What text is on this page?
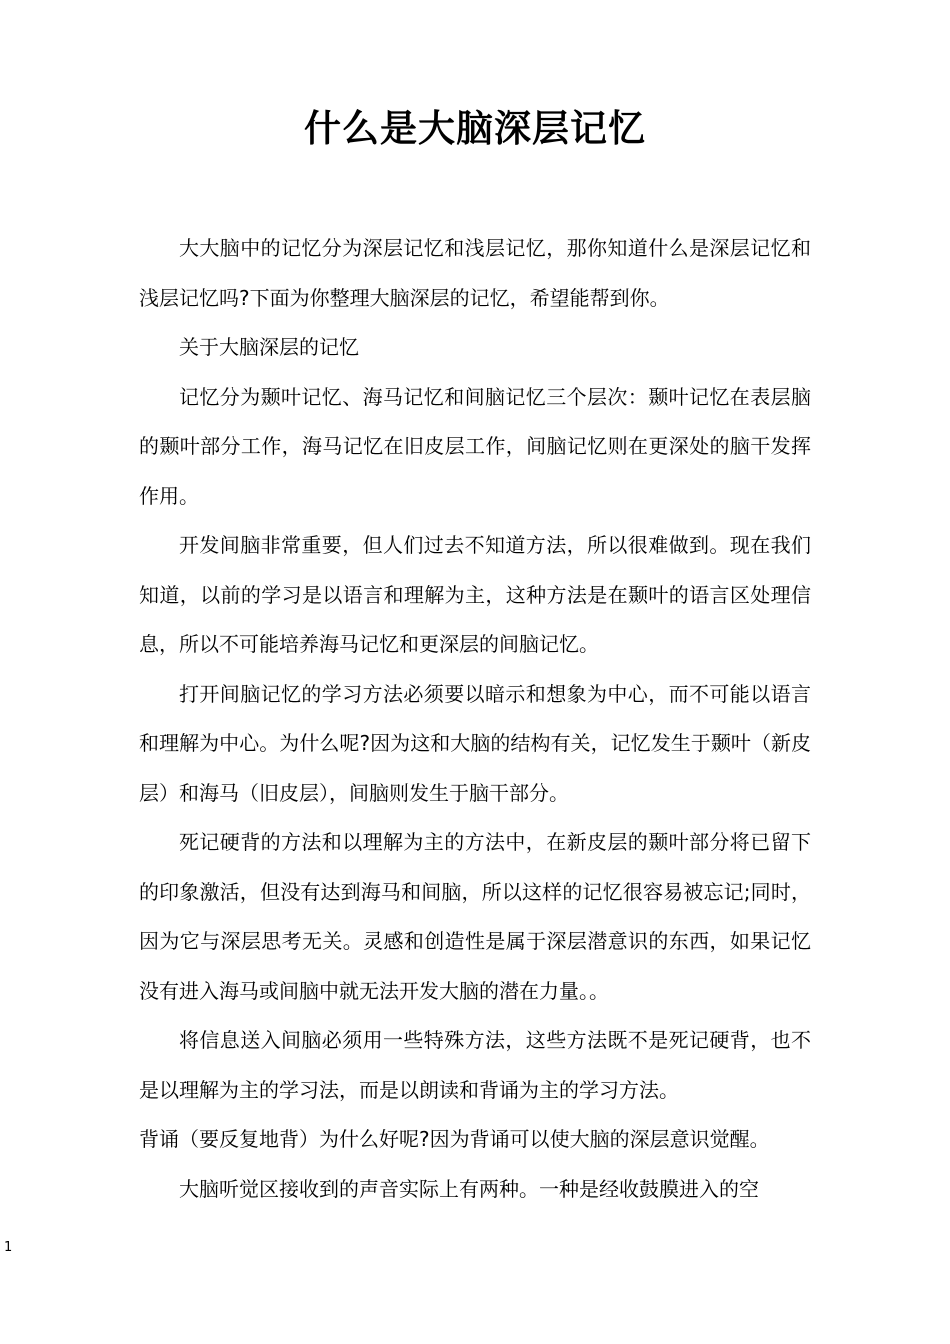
什么是大脑深层记忆

大大脑中的记忆分为深层记忆和浅层记忆，那你知道什么是深层记忆和浅层记忆吗?下面为你整理大脑深层的记忆，希望能帮到你。

关于大脑深层的记忆

记忆分为颞叶记忆、海马记忆和间脑记忆三个层次：颞叶记忆在表层脑的颞叶部分工作，海马记忆在旧皮层工作，间脑记忆则在更深处的脑干发挥作用。

开发间脑非常重要，但人们过去不知道方法，所以很难做到。现在我们知道，以前的学习是以语言和理解为主，这种方法是在颞叶的语言区处理信息，所以不可能培养海马记忆和更深层的间脑记忆。

打开间脑记忆的学习方法必须要以暗示和想象为中心，而不可能以语言和理解为中心。为什么呢?因为这和大脑的结构有关，记忆发生于颞叶（新皮层）和海马（旧皮层），间脑则发生于脑干部分。

死记硬背的方法和以理解为主的方法中，在新皮层的颞叶部分将已留下的印象激活，但没有达到海马和间脑，所以这样的记忆很容易被忘记;同时，因为它与深层思考无关。灵感和创造性是属于深层潜意识的东西，如果记忆没有进入海马或间脑中就无法开发大脑的潜在力量。。

将信息送入间脑必须用一些特殊方法，这些方法既不是死记硬背，也不是以理解为主的学习法，而是以朗读和背诵为主的学习方法。

背诵（要反复地背）为什么好呢?因为背诵可以使大脑的深层意识觉醒。

大脑听觉区接收到的声音实际上有两种。一种是经收鼓膜进入的空

1
